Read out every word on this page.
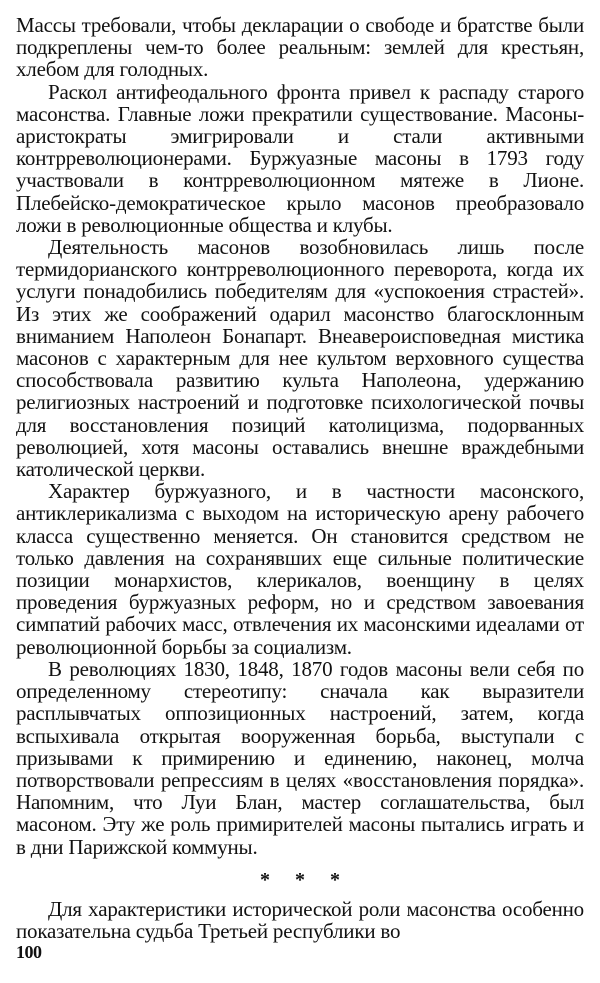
Массы требовали, чтобы декларации о свободе и братстве были подкреплены чем-то более реальным: землей для крестьян, хлебом для голодных.

Раскол антифеодального фронта привел к распаду старого масонства. Главные ложи прекратили существование. Масоны-аристократы эмигрировали и стали активными контрреволюционерами. Буржуазные масоны в 1793 году участвовали в контрреволюционном мятеже в Лионе. Плебейско-демократическое крыло масонов преобразовало ложи в революционные общества и клубы.

Деятельность масонов возобновилась лишь после термидорианского контрреволюционного переворота, когда их услуги понадобились победителям для «успокоения страстей». Из этих же соображений одарил масонство благосклонным вниманием Наполеон Бонапарт. Внеавероисповедная мистика масонов с характерным для нее культом верховного существа способствовала развитию культа Наполеона, удержанию религиозных настроений и подготовке психологической почвы для восстановления позиций католицизма, подорванных революцией, хотя масоны оставались внешне враждебными католической церкви.

Характер буржуазного, и в частности масонского, антиклерикализма с выходом на историческую арену рабочего класса существенно меняется. Он становится средством не только давления на сохранявших еще сильные политические позиции монархистов, клерикалов, военщину в целях проведения буржуазных реформ, но и средством завоевания симпатий рабочих масс, отвлечения их масонскими идеалами от революционной борьбы за социализм.

В революциях 1830, 1848, 1870 годов масоны вели себя по определенному стереотипу: сначала как выразители расплывчатых оппозиционных настроений, затем, когда вспыхивала открытая вооруженная борьба, выступали с призывами к примирению и единению, наконец, молча потворствовали репрессиям в целях «восстановления порядка». Напомним, что Луи Блан, мастер соглашательства, был масоном. Эту же роль примирителей масоны пытались играть и в дни Парижской коммуны.

* * *

Для характеристики исторической роли масонства особенно показательна судьба Третьей республики во

100
